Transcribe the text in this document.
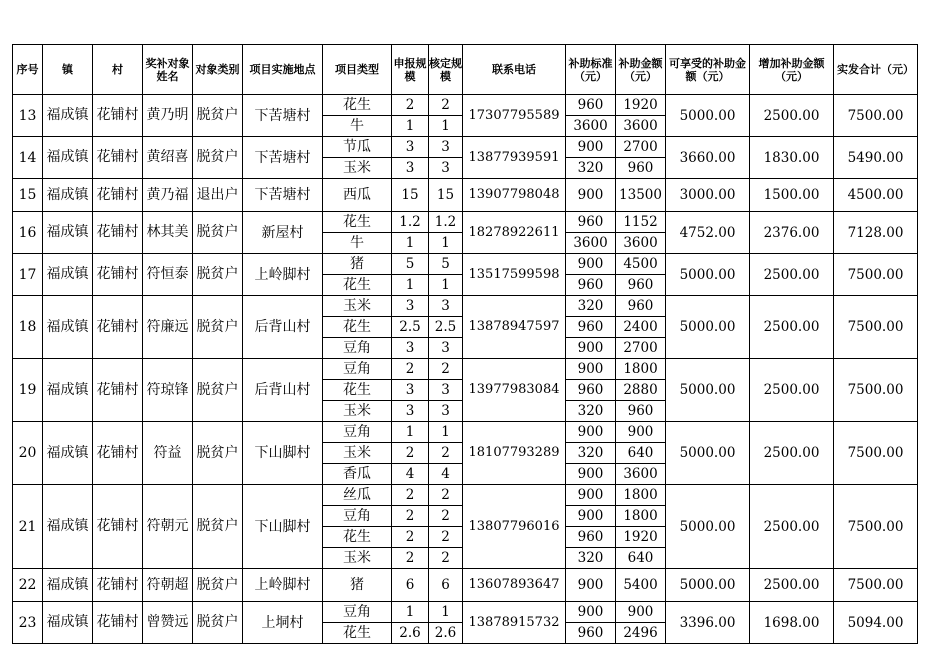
序号	镇	村	奖补对象姓名	对象类别	项目实施地点	项目类型	申报规模	核定规模	联系电话	补助标准（元）	补助金额（元）	可享受的补助金额（元）	增加补助金额（元）	实发合计（元）
13	福成镇	花铺村	黄乃明	脱贫户	下苦塘村	花生	2	2	17307795589	960	1920	5000.00	2500.00	7500.00
						牛	1	1		3600	3600			
14	福成镇	花铺村	黄绍喜	脱贫户	下苦塘村	节瓜	3	3	13877939591	900	2700	3660.00	1830.00	5490.00
						玉米	3	3		320	960			
15	福成镇	花铺村	黄乃福	退出户	下苦塘村	西瓜	15	15	13907798048	900	13500	3000.00	1500.00	4500.00
16	福成镇	花铺村	林其美	脱贫户	新屋村	花生	1.2	1.2	18278922611	960	1152	4752.00	2376.00	7128.00
						牛	1	1		3600	3600			
17	福成镇	花铺村	符恒泰	脱贫户	上岭脚村	猪	5	5	13517599598	900	4500	5000.00	2500.00	7500.00
						花生	1	1		960	960			
18	福成镇	花铺村	符廉远	脱贫户	后背山村	玉米	3	3	13878947597	320	960	5000.00	2500.00	7500.00
						花生	2.5	2.5		960	2400			
						豆角	3	3		900	2700			
19	福成镇	花铺村	符琼锋	脱贫户	后背山村	豆角	2	2	13977983084	900	1800	5000.00	2500.00	7500.00
						花生	3	3		960	2880			
						玉米	3	3		320	960			
20	福成镇	花铺村	符益	脱贫户	下山脚村	豆角	1	1	18107793289	900	900	5000.00	2500.00	7500.00
						玉米	2	2		320	640			
						香瓜	4	4		900	3600			
21	福成镇	花铺村	符朝元	脱贫户	下山脚村	丝瓜	2	2	13807796016	900	1800	5000.00	2500.00	7500.00
						豆角	2	2		900	1800			
						花生	2	2		960	1920			
						玉米	2	2		320	640			
22	福成镇	花铺村	符朝超	脱贫户	上岭脚村	猪	6	6	13607893647	900	5400	5000.00	2500.00	7500.00
23	福成镇	花铺村	曾赞远	脱贫户	上垌村	豆角	1	1	13878915732	900	900	3396.00	1698.00	5094.00
						花生	2.6	2.6		960	2496			
